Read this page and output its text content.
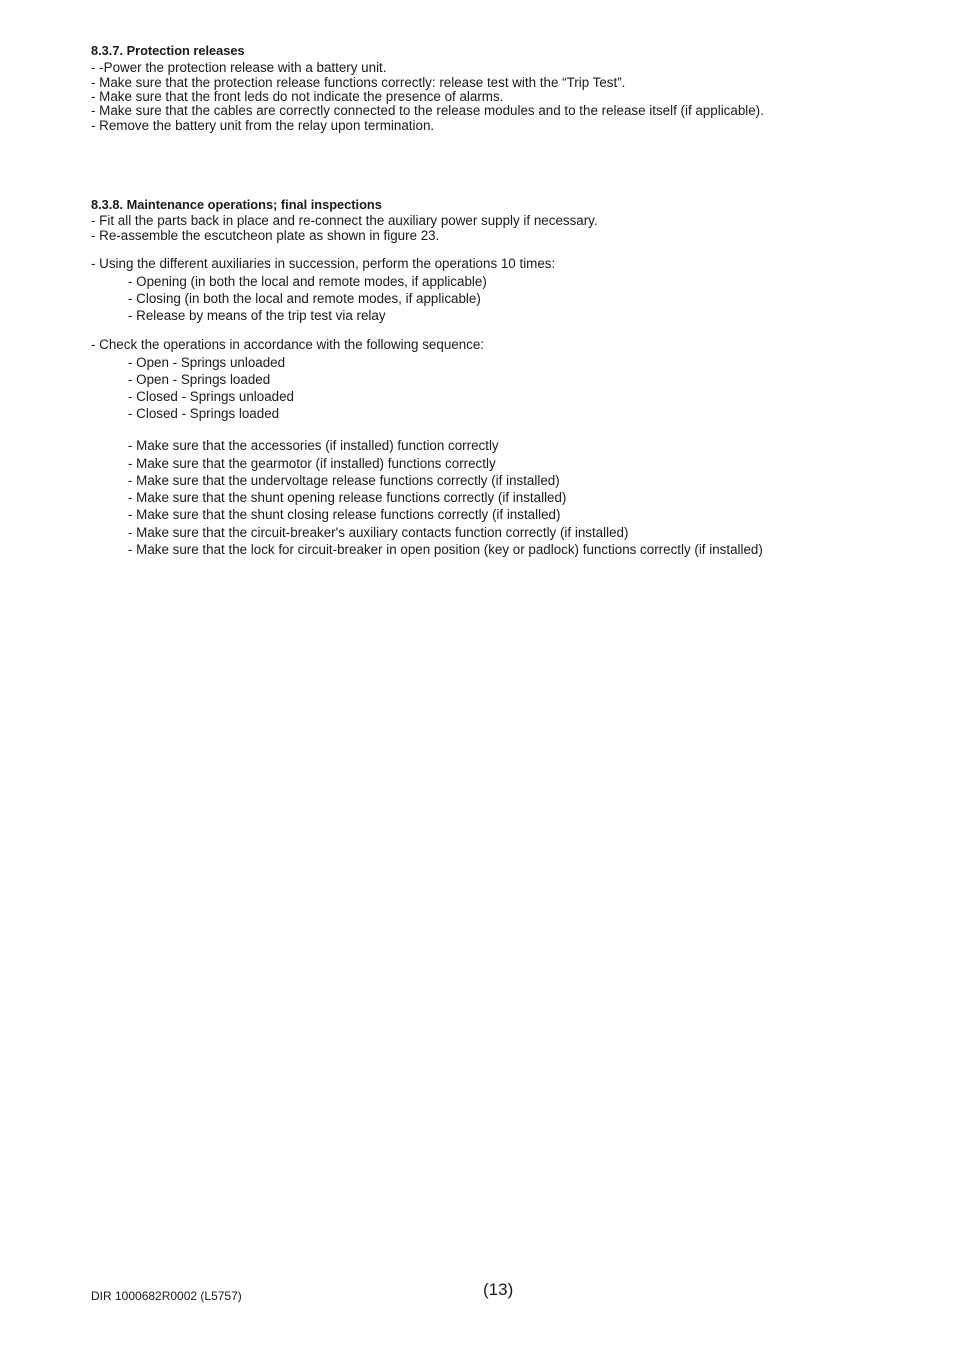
8.3.7. Protection releases
- -Power the protection release with a battery unit.
- Make sure that the protection release functions correctly: release test with the “Trip Test”.
- Make sure that the front leds do not indicate the presence of alarms.
- Make sure that the cables are correctly connected to the release modules and to the release itself (if applicable).
- Remove the battery unit from the relay upon termination.
8.3.8. Maintenance operations; final inspections
- Fit all the parts back in place and re-connect the auxiliary power supply if necessary.
- Re-assemble the escutcheon plate as shown in figure 23.
- Using the different auxiliaries in succession, perform the operations 10 times:
- Opening (in both the local and remote modes, if applicable)
- Closing (in both the local and remote modes, if applicable)
- Release by means of the trip test via relay
- Check the operations in accordance with the following sequence:
- Open - Springs unloaded
- Open - Springs loaded
- Closed - Springs unloaded
- Closed - Springs loaded
- Make sure that the accessories (if installed) function correctly
- Make sure that the gearmotor (if installed) functions correctly
- Make sure that the undervoltage release functions correctly (if installed)
- Make sure that the shunt opening release functions correctly (if installed)
- Make sure that the shunt closing release functions correctly (if installed)
- Make sure that the circuit-breaker's auxiliary contacts function correctly (if installed)
- Make sure that the lock for circuit-breaker in open position (key or padlock) functions correctly (if installed)
DIR 1000682R0002 (L5757)	(13)
